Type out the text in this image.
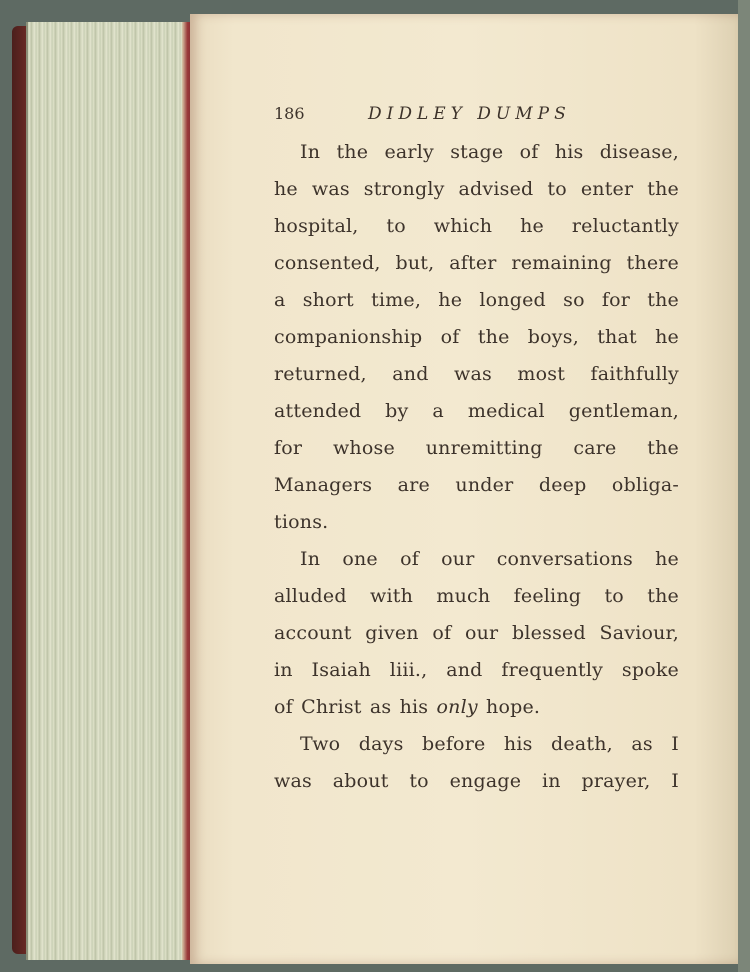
186	DIDLEY DUMPS
In the early stage of his disease,
he was strongly advised to enter the
hospital, to which he reluctantly
consented, but, after remaining there
a short time, he longed so for the
companionship of the boys, that he
returned, and was most faithfully
attended by a medical gentleman,
for whose unremitting care the
Managers are under deep obliga-
tions.
In one of our conversations he
alluded with much feeling to the
account given of our blessed Saviour,
in Isaiah liii., and frequently spoke
of Christ as his only hope.
Two days before his death, as I
was about to engage in prayer, I
